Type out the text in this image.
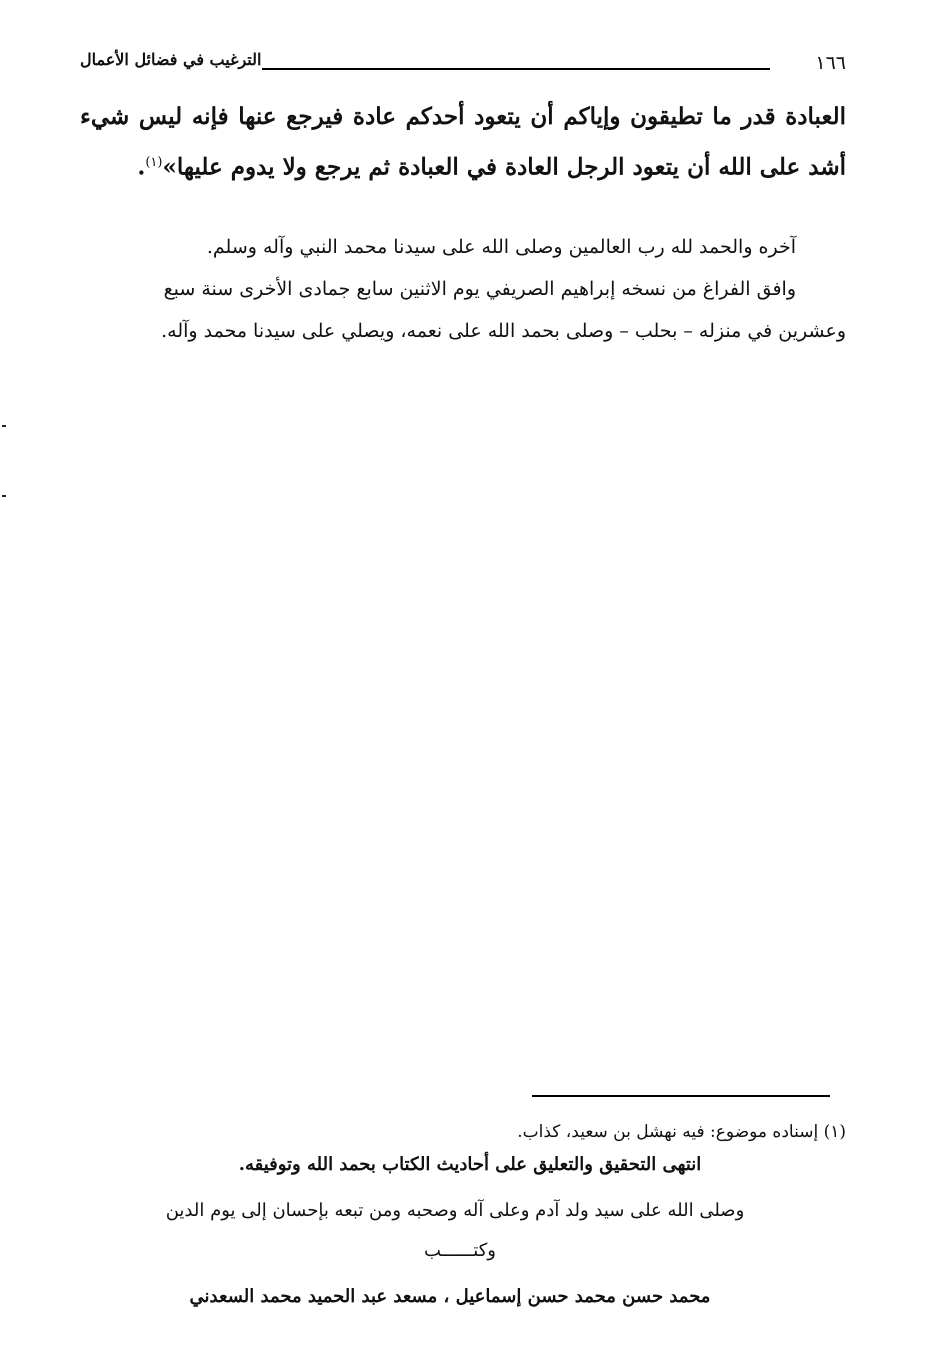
١٦٦
الترغيب في فضائل الأعمال
العبادة قدر ما تطيقون وإياكم أن يتعود أحدكم عادة فيرجع عنها فإنه ليس شيء أشد على الله أن يتعود الرجل العادة في العبادة ثم يرجع ولا يدوم عليها»$^{(١)}$.
آخره والحمد لله رب العالمين وصلى الله على سيدنا محمد النبي وآله وسلم.
وافق الفراغ من نسخه إبراهيم الصريفي يوم الاثنين سابع جمادى الأخرى سنة سبع
وعشرين في منزله – بحلب – وصلى بحمد الله على نعمه، ويصلي على سيدنا محمد وآله.
(١) إسناده موضوع: فيه نهشل بن سعيد، كذاب.
انتهى التحقيق والتعليق على أحاديث الكتاب بحمد الله وتوفيقه.
وصلى الله على سيد ولد آدم وعلى آله وصحبه ومن تبعه بإحسان إلى يوم الدين
وكتــــــب
محمد حسن محمد حسن إسماعيل ، مسعد عبد الحميد محمد السعدني
